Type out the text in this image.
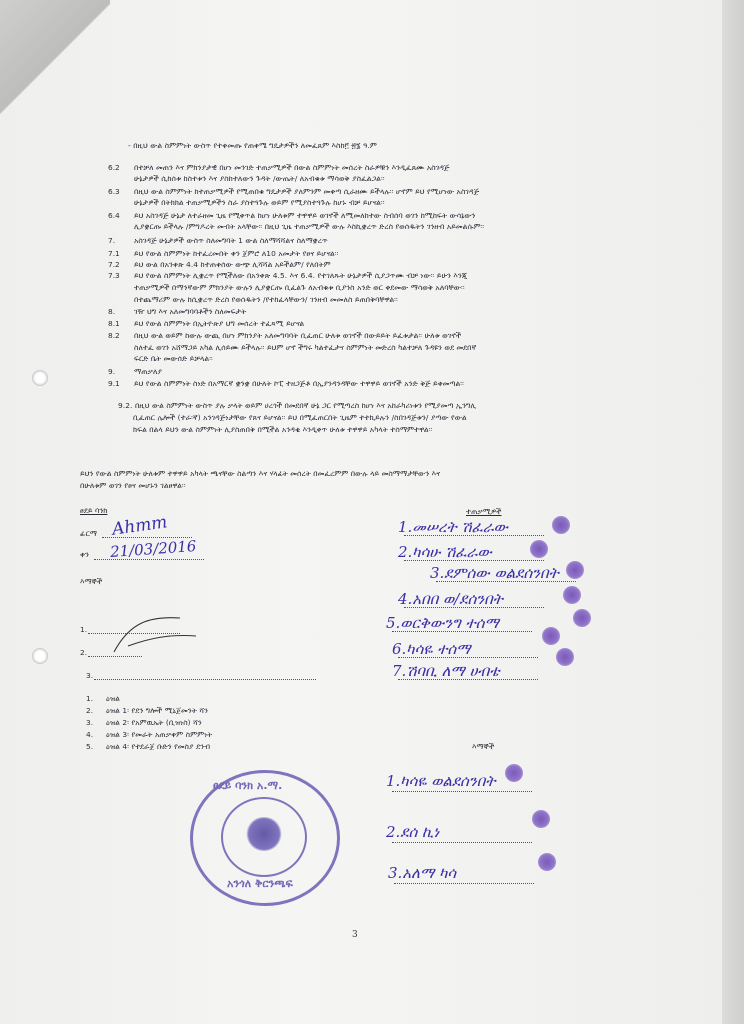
- በዚህ ውል ስምምነት ውስጥ የተቀመጡ የጠቀሜ ግዴታዎችን ለመፈጸም እስከ፫ ፳፮ ዓ.ም
6.2 በተቻለ መጠን እና ምክንያታዊ በሆነ መንገድ ተጠቃሚዎች በውል ስምምነት መሰረት ስራዎቹን እንዲፈጸሙ አስገዳጅ
ሁኔታዎች ሲከሰቱ ከስተቱን እና ያስከተለውን ጉዳት /ውጤት/ ለአብቁቱ ማሳወቅ ያስፈልጋል፡፡
6.3 በዚህ ውል ስምምነት ከተጠቃሚዎች የሚጠበቁ ግዴታዎች ያለምንም መቀጣ ሲራዘሙ ይችላሉ፡፡ ሆኖም ይህ የሚሆነው አስገዳጅ
ሁኔታዎች በትክክል ተጠቃሚዎችን ስራ ያስተጓጉሉ ወይም የሚያስተጓጉሉ ከሆኑ ብቻ ይሆናል፡፡
6.4 ይህ አስገዳጅ ሁኔታ ለተራዘመ ጊዜ የሚቀጥል ከሆነ ሁለቱም ተዋዋይ ወገኖች ለሚመለከተው ስብሰባ ወገን ከሚከፍት ውሳኔውን
ሊያቋርጡ ይችላሉ /ምግዶረት መብት አላቸው፡፡ በዚህ ጊዜ ተጠቃሚዎች ውሉ እስኪቋረጥ ድረስ የወሰዱትን ገንዘብ አይመልሱም፡፡
7.	አስገዳጅ ሁኔታዎች ውስጥ ስለመግባት 1 ውል ስለማሻሻልና ስለማቋረጥ
7.1 ይህ የውል ስምምነት ከተፈረመበት ቀን ጀምሮ ለ10 አመታት የፀና ይሆናል፡፡
7.2 ይህ ውል በአንቀጽ 4.4 ከተጠቀሰው ውጭ ሊሻሻል አይችልም/ የለበትም
7.3 ይህ የውል ስምምነት ሊቋረጥ የሚችለው በአንቀጽ 4.5. እና 6.4. የተገለጹት ሁኔታዎች ሲያጋጥሙ ብቻ ነው፡፡ ይሁን እንጂ
ተጠቃሚዎች በማንኛውም ምክንያት ውሉን ሊያቋርጡ ቢፈልጉ ለአብቁቱ ቢያንስ አንድ ወር ቀደመው ማሳወቅ አለባቸው፡፡
በተጨማሪም ውሉ ከሲቋረጥ ድረስ የወሰዱትን /የተከፈላቸውን/ ገንዘብ መመለስ ይጠበቅባቸዋል፡፡
8.	ገዥ ህግ እና አለመግባባቶችን ስለመፍታት
8.1 ይህ የውል ስምምነት በኢትዮጵያ ህግ መሰረት ተፈጻሚ ይሆናል
8.2 በዚህ ውል ወይም ከውሉ ውጪ በሆነ ምክንያት አለመግባባት ቢፈጠር ሁለቱ ወገኖች በውይይት ይፈቱታል፡፡ ሁለቱ ወገኖች
ስለተፈ ወገን አሸማጋይ አካል ሊሰይሙ ይችላሉ፡፡ ይህም ሆኖ ችግሩ ካልተፈታና ስምምነት መድረስ ካልተቻለ ጉዳዩን ወደ መደበኛ
ፍርድ ቤት መውሰድ ይቻላል፡፡
9.	ማጠቃለያ
9.1 ይህ የውል ስምምነት ስነድ በአማርኛ ቋንቋ በሁለት ኮፒ ተዘጋጅቶ በኢያንዳንዳቸው ተዋዋይ ወገኖች አንድ ቅጅ ይቀመጣል፡፡
9.2. በዚህ ውል ስምምነት ውስጥ ያሉ ቃላት ወይም ሀረጎች በመደበኛ ሁኔ ጋር የሚጣረስ ከሆነ እና አከራካሪነቱን የሚያመጣ ኢንግሊ
ቢፈጠር ሌሎች (ተራ፡ኛ) አንገዳጅነታቸው የጸና ይሆናል፡፡ ይህ በሚፈጠርበት ጊዜም ተተኪይሉን /ስበገዳጅቱን/ ያጣው የውል
ክፍል በልላ ይህን ውል ስምምነት ሊያስጠበቅ በሚችል አንዳቂ እንዲቀጥ ሁለቱ ተዋዋይ አካላት ተስማምተዋል፡፡
ይህን የውል ስምምነት ሁለቱም ተዋዋይ አካላት ጫናቸው ስልጣን እና ሃላፊት መሰረት በመፈረምም በውሉ ላይ መስማማታቸውን እና
በሁለቱም ወገን የፀና መሆኑን ገልፀዋል፡፡
ፀደይ ባንክ
ፊርማ Ahmm
ቀን 21/03/2016
እማኞች
1.
2.
3.
1. ዕዝል
2. ዕዝል 1፡ የደን ግሎች ሚኒጀመንት ሻን
3. ዕዝል 2፡ የአምዉኤት (ቢዝነስ) ሻን
4. ዕዝል 3፡ የመራት አጠቃቀም ስምምነት
5. ዕዝል 4፡ የተደራጀ ቡድን የመስያ ደንብ
ተጠቃሚዎች
1.መሠረት ሽፈራው
2.ካሳሁ ሽፈራው
3.ደምሰው ወልደሰንበት
4.አበበ ወ/ደሰንበት
5.ወርቅውንግ ተሰማ
6.ካሳዬ ተሰማ
7.ሽባቢ ለማ ሀብቴ
እማኞች
1.ካሳዬ ወልደሰንበት
2.ደሰ ኪነ
3.አለማ ካሳ
ፀደይ ባንክ አ.ማ.
አንጎለ ቅርንጫፍ
3
